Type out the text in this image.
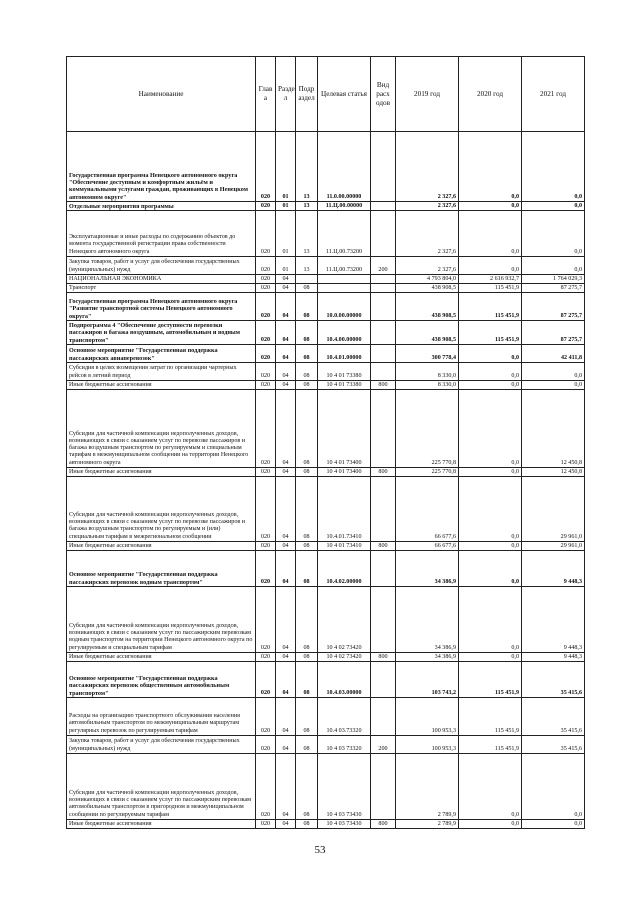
Наименование	Глав а	Разде л	Подр аздел	Целевая статья	Вид расх одов	2019 год	2020 год	2021 год
Государственная программа Ненецкого автономного округа "Обеспечение доступным и комфортным жильём и коммунальными услугами граждан, проживающих в Ненецком автономном округе"	020	01	13	11.0.00.00000		2 327,6	0,0	0,0
Отдельные мероприятия программы	020	01	13	11.Ц.00.00000		2 327,6	0,0	0,0
Эксплуатационные и иные расходы по содержанию объектов до момента государственной регистрации права собственности Ненецкого автономного округа	020	01	13	11.Ц.00.73200		2 327,6	0,0	0,0
Закупка товаров, работ и услуг для обеспечения государственных (муниципальных) нужд	020	01	13	11.Ц.00.73200	200	2 327,6	0,0	0,0
НАЦИОНАЛЬНАЯ ЭКОНОМИКА	020	04				4 793 804,0	2 616 932,7	1 764 029,3
Транспорт	020	04	08			438 908,5	115 451,9	87 275,7
Государственная программа Ненецкого автономного округа "Развитие транспортной системы Ненецкого автономного округа"	020	04	08	10.0.00.00000		438 908,5	115 451,9	87 275,7
Подпрограмма 4 "Обеспечение доступности перевозки пассажиров и багажа воздушным, автомобильным и водным транспортом"	020	04	08	10.4.00.00000		438 908,5	115 451,9	87 275,7
Основное мероприятие "Государственная поддержка пассажирских авиаперевозок"	020	04	08	10.4.01.00000		300 778,4	0,0	42 411,8
Субсидия в целях возмещения затрат по организации чартерных рейсов в летний период	020	04	08	10 4 01 73380		8 330,0	0,0	0,0
Иные бюджетные ассигнования	020	04	08	10 4 01 73380	800	8 330,0	0,0	0,0
Субсидии для частичной компенсации недополученных доходов, возникающих в связи с оказанием услуг по перевозке пассажиров и багажа воздушным транспортом по регулируемым и специальным тарифам в межмуниципальном сообщении на территории Ненецкого автономного округа	020	04	08	10 4 01 73400		225 770,8	0,0	12 450,8
Иные бюджетные ассигнования	020	04	08	10 4 01 73400	800	225 770,8	0,0	12 450,8
Субсидии для частичной компенсации недополученных доходов, возникающих в связи с оказанием услуг по перевозке пассажиров и багажа воздушным транспортом по регулируемым и (или) специальным тарифам в межрегиональном сообщении	020	04	08	10.4.01.73410		66 677,6	0,0	29 961,0
Иные бюджетные ассигнования	020	04	08	10 4 01 73410	800	66 677,6	0,0	29 961,0
Основное мероприятие "Государственная поддержка пассажирских перевозок водным транспортом"	020	04	08	10.4.02.00000		34 386,9	0,0	9 448,3
Субсидии для частичной компенсации недополученных доходов, возникающих в связи с оказанием услуг по пассажирским перевозкам водным транспортом на территории Ненецкого автономного округа по регулируемым и специальным тарифам	020	04	08	10 4 02 73420		34 386,9	0,0	9 448,3
Иные бюджетные ассигнования	020	04	08	10 4 02 73420	800	34 386,9	0,0	9 448,3
Основное мероприятие "Государственная поддержка пассажирских перевозок общественным автомобильным транспортом"	020	04	08	10.4.03.00000		103 743,2	115 451,9	35 415,6
Расходы на организацию транспортного обслуживания населения автомобильным транспортом по межмуниципальным маршрутам регулярных перевозок по регулируемым тарифам	020	04	08	10.4 03.73320		100 953,3	115 451,9	35 415,6
Закупка товаров, работ и услуг для обеспечения государственных (муниципальных) нужд	020	04	08	10 4 03 73320	200	100 953,3	115 451,9	35 415,6
Субсидии для частичной компенсации недополученных доходов, возникающих в связи с оказанием услуг по пассажирским перевозкам автомобильным транспортом в пригородном и межмуниципальном сообщении по регулируемым тарифам	020	04	08	10 4 03 73430		2 789,9	0,0	0,0
Иные бюджетные ассигнования	020	04	08	10 4 03 73430	800	2 789,9	0,0	0,0
53
